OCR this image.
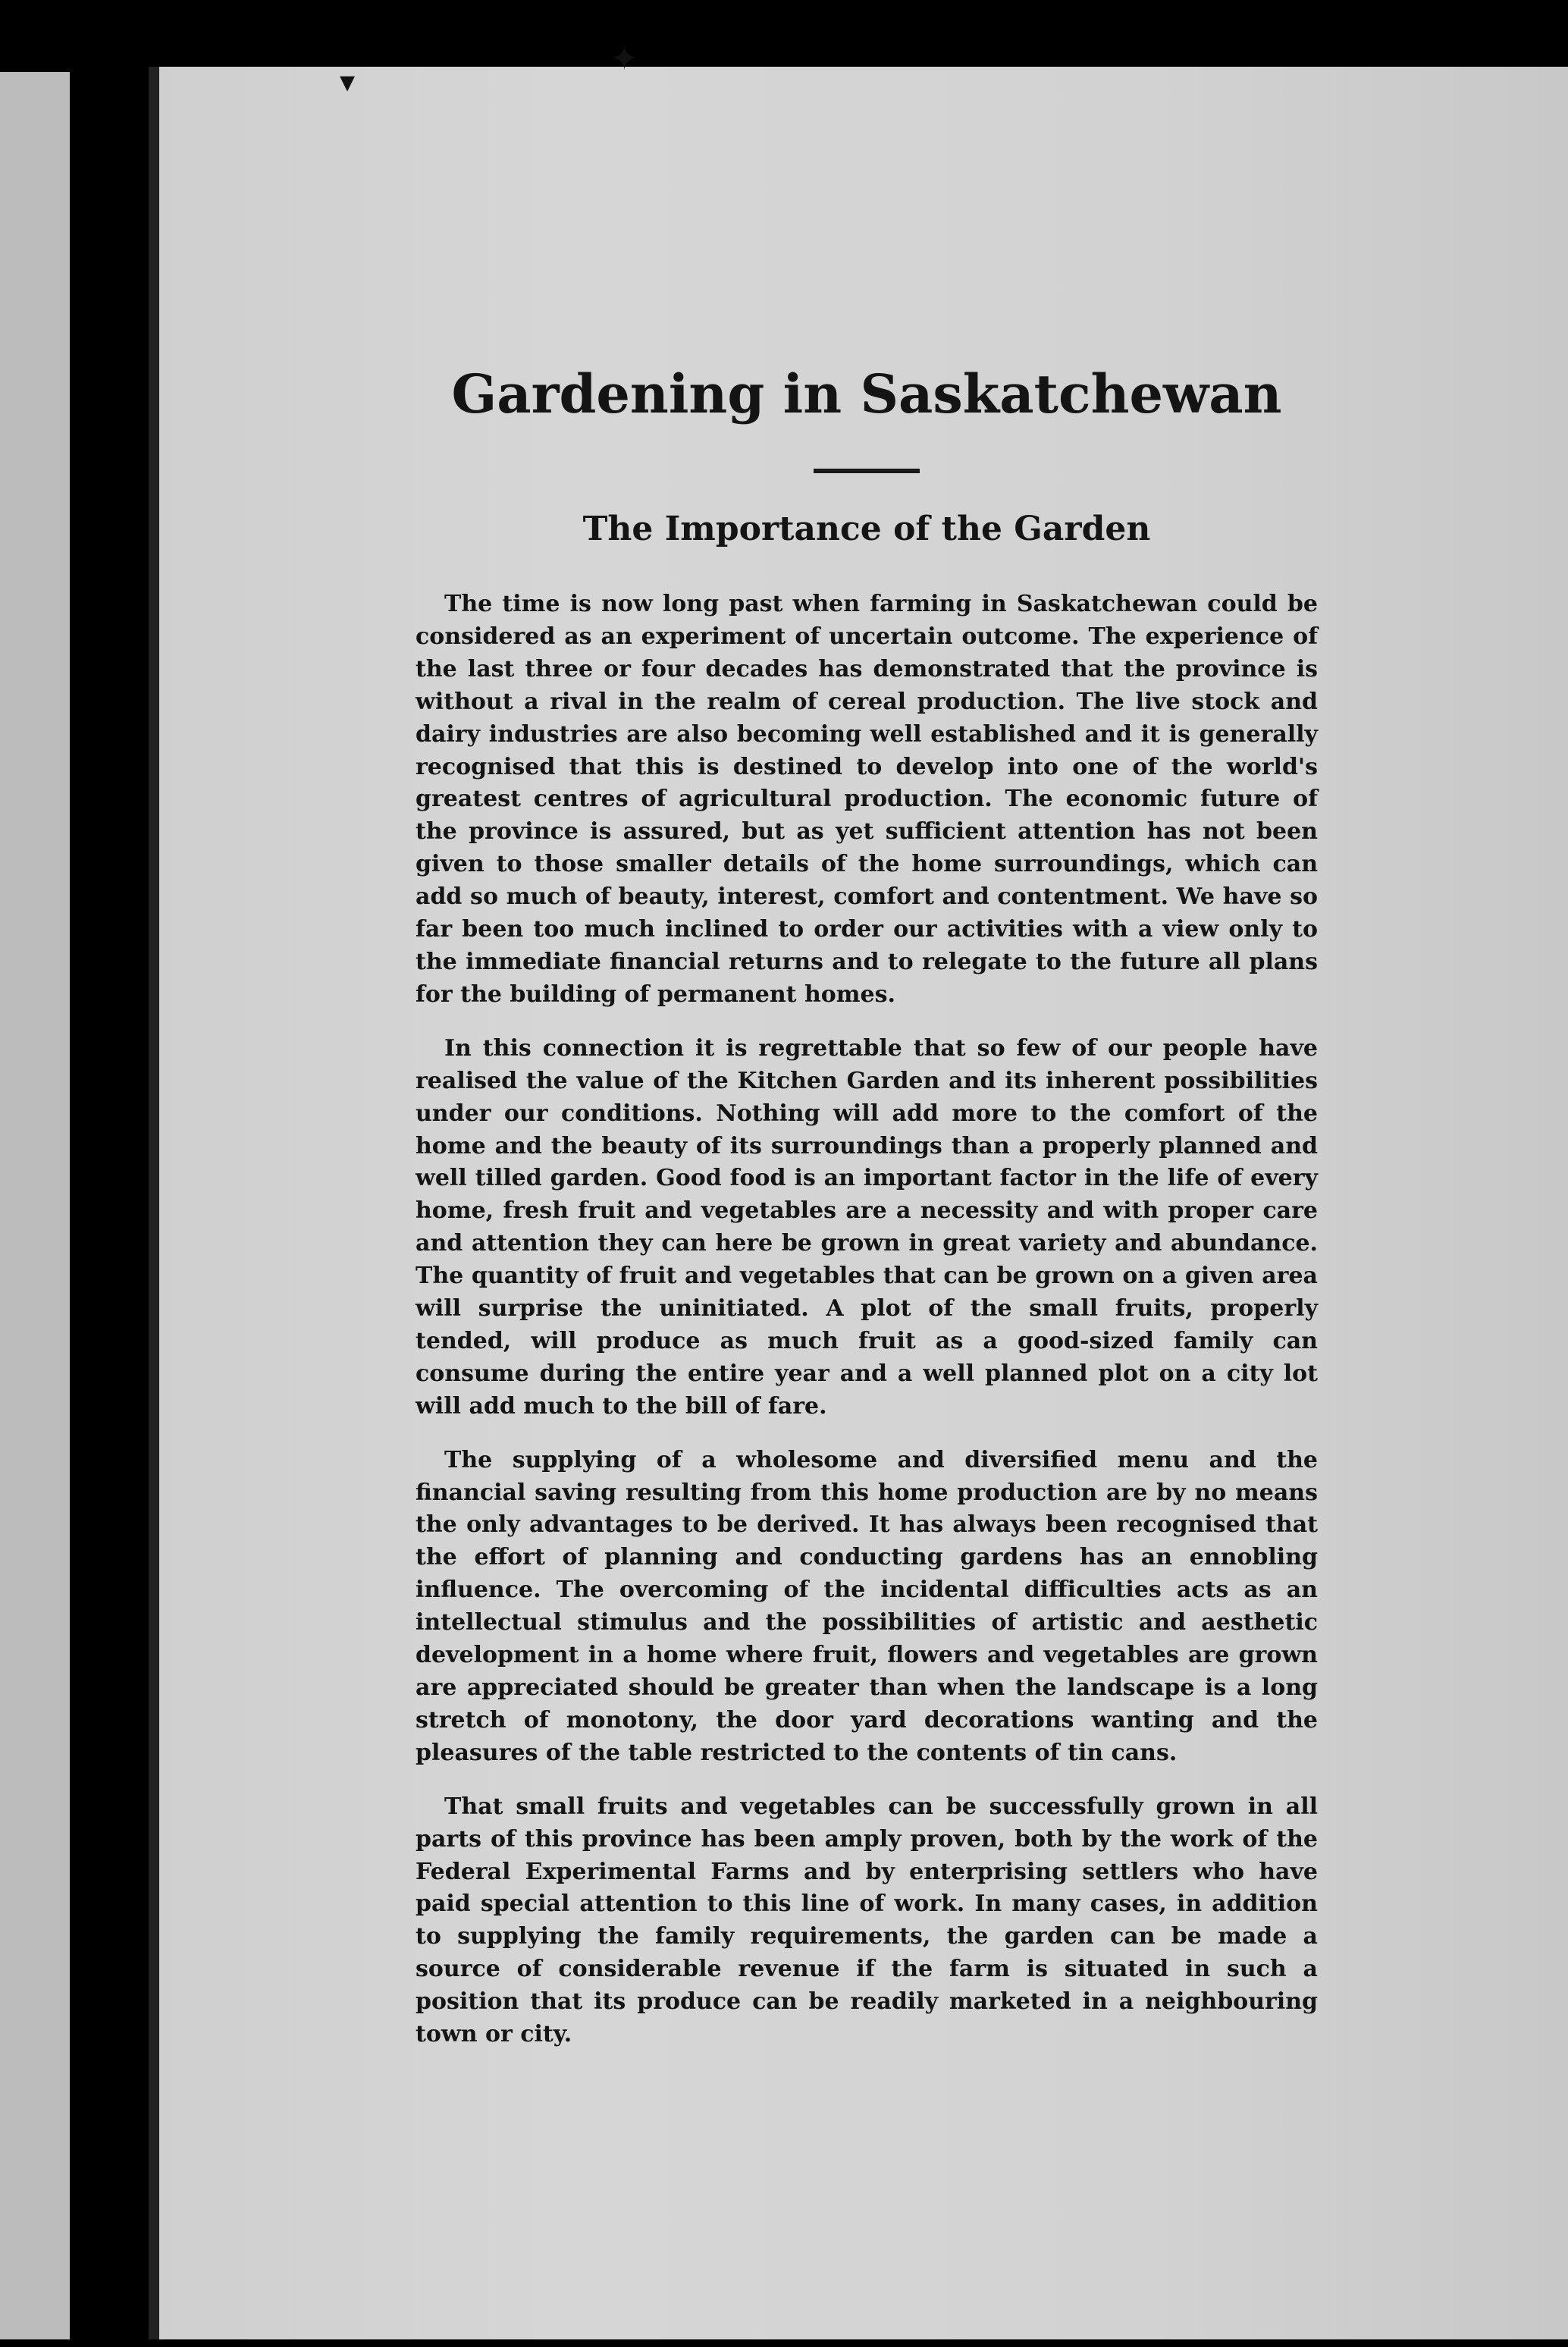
▾
✦
Gardening in Saskatchewan
The Importance of the Garden

The time is now long past when farming in Saskatchewan could be considered as an experiment of uncertain outcome. The experience of the last three or four decades has demonstrated that the province is without a rival in the realm of cereal production. The live stock and dairy industries are also becoming well established and it is generally recognised that this is destined to develop into one of the world's greatest centres of agricultural production. The economic future of the province is assured, but as yet sufficient attention has not been given to those smaller details of the home surroundings, which can add so much of beauty, interest, comfort and contentment. We have so far been too much inclined to order our activities with a view only to the immediate financial returns and to relegate to the future all plans for the building of permanent homes.

In this connection it is regrettable that so few of our people have realised the value of the Kitchen Garden and its inherent possibilities under our conditions. Nothing will add more to the comfort of the home and the beauty of its surroundings than a properly planned and well tilled garden. Good food is an important factor in the life of every home, fresh fruit and vegetables are a necessity and with proper care and attention they can here be grown in great variety and abundance. The quantity of fruit and vegetables that can be grown on a given area will surprise the uninitiated. A plot of the small fruits, properly tended, will produce as much fruit as a good-sized family can consume during the entire year and a well planned plot on a city lot will add much to the bill of fare.

The supplying of a wholesome and diversified menu and the financial saving resulting from this home production are by no means the only advantages to be derived. It has always been recognised that the effort of planning and conducting gardens has an ennobling influence. The overcoming of the incidental difficulties acts as an intellectual stimulus and the possibilities of artistic and aesthetic development in a home where fruit, flowers and vegetables are grown are appreciated should be greater than when the landscape is a long stretch of monotony, the door yard decorations wanting and the pleasures of the table restricted to the contents of tin cans.

That small fruits and vegetables can be successfully grown in all parts of this province has been amply proven, both by the work of the Federal Experimental Farms and by enterprising settlers who have paid special attention to this line of work. In many cases, in addition to supplying the family requirements, the garden can be made a source of considerable revenue if the farm is situated in such a position that its produce can be readily marketed in a neighbouring town or city.
